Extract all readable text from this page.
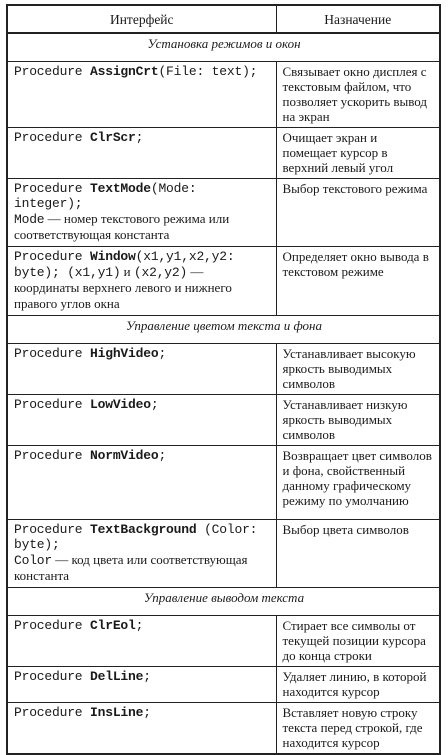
Интерфейс	Назначение
Установка режимов и окон	
Procedure AssignCrt(File: text);	Связывает окно дисплея с текстовым файлом, что позволяет ускорить вывод на экран
Procedure ClrScr;	Очищает экран и помещает курсор в верхний левый угол
Procedure TextMode(Mode: integer);
Mode — номер текстового режима или соответствующая константа	Выбор текстового режима
Procedure Window(x1,y1,x2,y2:
byte); (x1,y1) и (x2,y2) — координаты верхнего левого и нижнего правого углов окна	Определяет окно вывода в текстовом режиме
Управление цветом текста и фона	
Procedure HighVideo;	Устанавливает высокую яркость выводимых символов
Procedure LowVideo;	Устанавливает низкую яркость выводимых символов
Procedure NormVideo;	Возвращает цвет символов и фона, свойственный данному графическому режиму по умолчанию
Procedure TextBackground (Color:
byte);
Color — код цвета или соответствующая константа	Выбор цвета символов
Управление выводом текста	
Procedure ClrEol;	Стирает все символы от текущей позиции курсора до конца строки
Procedure DelLine;	Удаляет линию, в которой находится курсор
Procedure InsLine;	Вставляет новую строку текста перед строкой, где находится курсор
